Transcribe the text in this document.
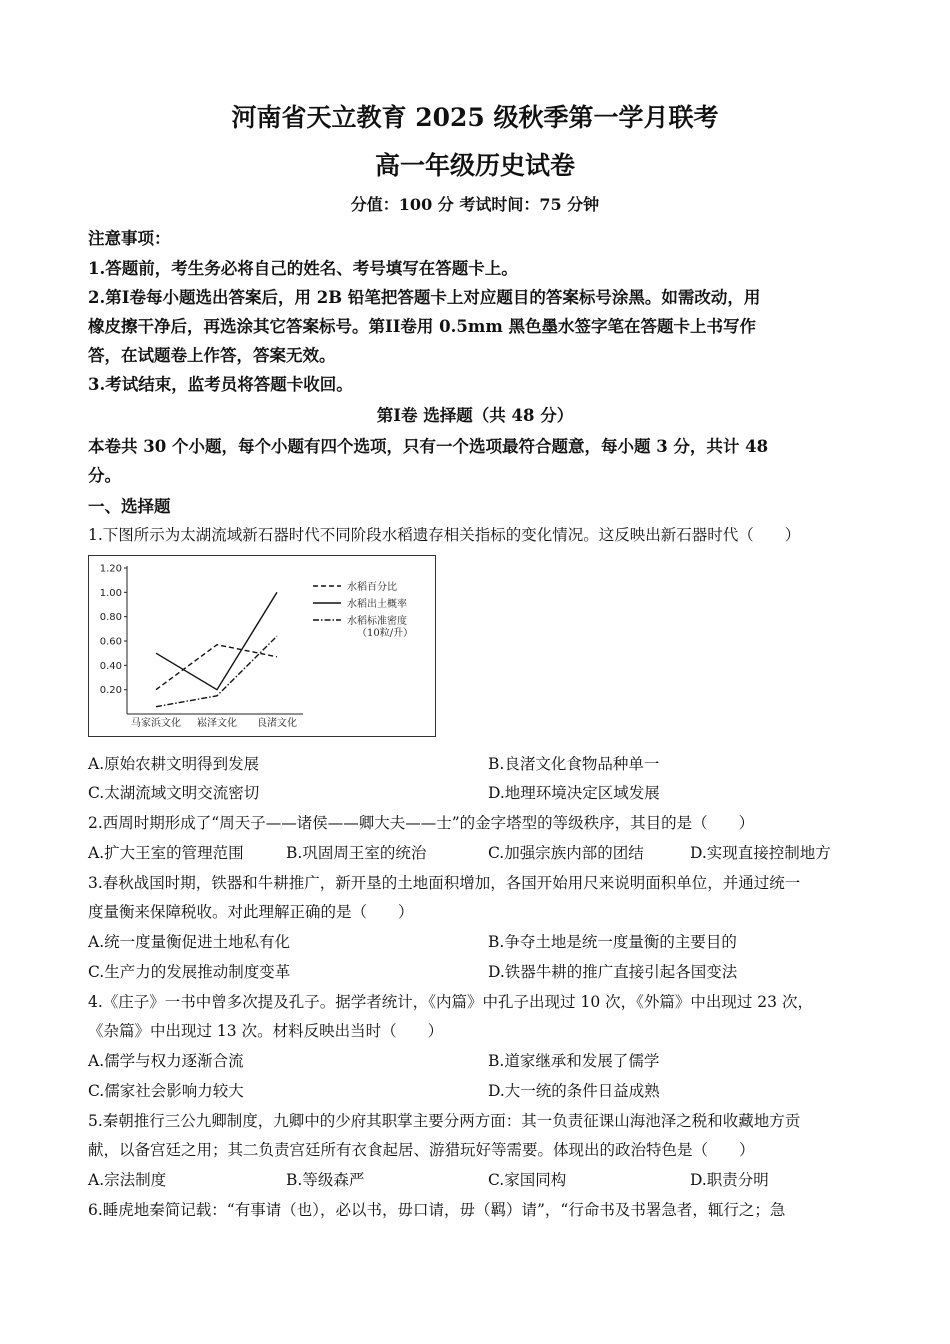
河南省天立教育 2025 级秋季第一学月联考
高一年级历史试卷
分值：100 分 考试时间：75 分钟
注意事项：
1.答题前，考生务必将自己的姓名、考号填写在答题卡上。
2.第Ⅰ卷每小题选出答案后，用 2B 铅笔把答题卡上对应题目的答案标号涂黑。如需改动，用
橡皮擦干净后，再选涂其它答案标号。第II卷用 0.5mm 黑色墨水签字笔在答题卡上书写作
答，在试题卷上作答，答案无效。
3.考试结束，监考员将答题卡收回。
第Ⅰ卷 选择题（共 48 分）
本卷共 30 个小题，每个小题有四个选项，只有一个选项最符合题意，每小题 3 分，共计 48
分。
一、选择题
1.下图所示为太湖流域新石器时代不同阶段水稻遗存相关指标的变化情况。这反映出新石器时代（　　）
0.20
0.40
0.60
0.80
1.00
1.20
马家浜文化 崧泽文化 良渚文化
水稻百分比
水稻出土概率
水稻标准密度
（10粒/升）
A.原始农耕文明得到发展	B.良渚文化食物品种单一
C.太湖流域文明交流密切	D.地理环境决定区域发展
2.西周时期形成了“周天子——诸侯——卿大夫——士”的金字塔型的等级秩序，其目的是（　　）
A.扩大王室的管理范围	B.巩固周王室的统治	C.加强宗族内部的团结	D.实现直接控制地方
3.春秋战国时期，铁器和牛耕推广，新开垦的土地面积增加，各国开始用尺来说明面积单位，并通过统一
度量衡来保障税收。对此理解正确的是（　　）
A.统一度量衡促进土地私有化	B.争夺土地是统一度量衡的主要目的
C.生产力的发展推动制度变革	D.铁器牛耕的推广直接引起各国变法
4.《庄子》一书中曾多次提及孔子。据学者统计，《内篇》中孔子出现过 10 次，《外篇》中出现过 23 次，
《杂篇》中出现过 13 次。材料反映出当时（　　）
A.儒学与权力逐渐合流	B.道家继承和发展了儒学
C.儒家社会影响力较大	D.大一统的条件日益成熟
5.秦朝推行三公九卿制度，九卿中的少府其职掌主要分两方面：其一负责征课山海池泽之税和收藏地方贡
献，以备宫廷之用；其二负责宫廷所有衣食起居、游猎玩好等需要。体现出的政治特色是（　　）
A.宗法制度	B.等级森严	C.家国同构	D.职责分明
6.睡虎地秦简记载：“有事请（也），必以书，毋口请，毋（羁）请”，“行命书及书署急者，辄行之；急
